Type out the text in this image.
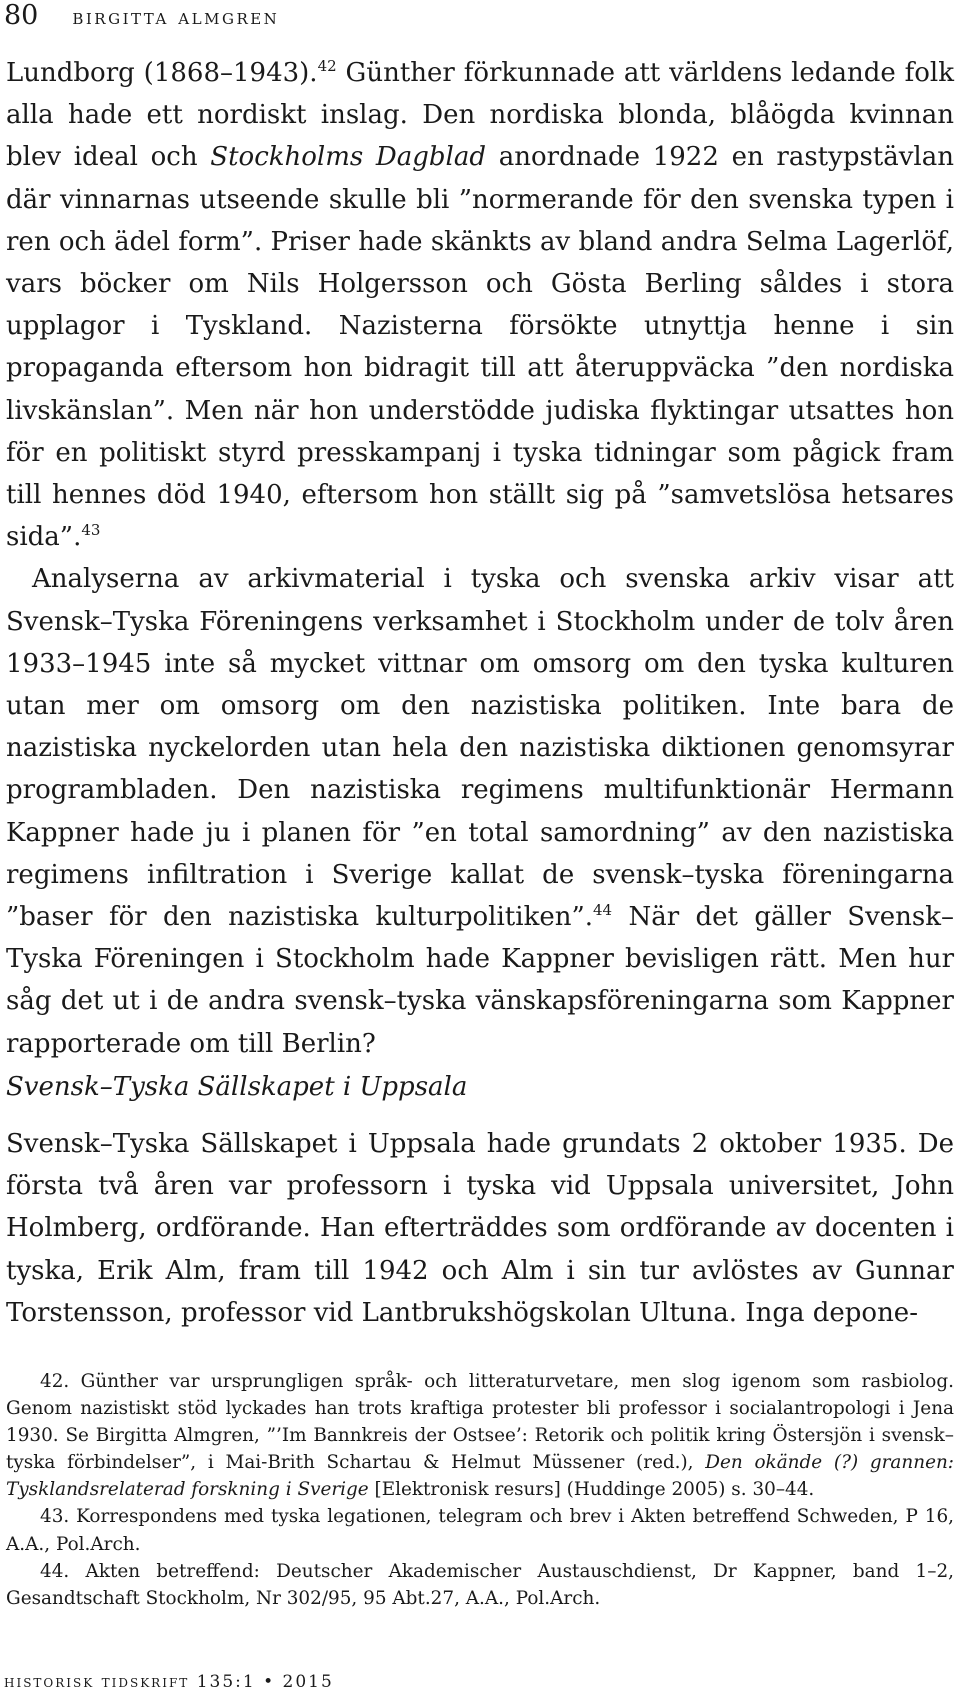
80 birgitta almgren

Lundborg (1868–1943).$^{42}$ Günther förkunnade att världens ledande folk alla hade ett nordiskt inslag. Den nordiska blonda, blåögda kvinnan blev ideal och Stockholms Dagblad anordnade 1922 en rastypstävlan där vinnarnas utseende skulle bli ”normerande för den svenska typen i ren och ädel form”. Priser hade skänkts av bland andra Selma Lagerlöf, vars böcker om Nils Holgersson och Gösta Berling såldes i stora upplagor i Tyskland. Nazisterna försökte utnyttja henne i sin propaganda eftersom hon bidragit till att återuppväcka ”den nordiska livskänslan”. Men när hon understödde judiska flyktingar utsattes hon för en politiskt styrd presskampanj i tyska tidningar som pågick fram till hennes död 1940, eftersom hon ställt sig på ”samvetslösa hetsares sida”.$^{43}$

Analyserna av arkivmaterial i tyska och svenska arkiv visar att Svensk–Tyska Föreningens verksamhet i Stockholm under de tolv åren 1933–1945 inte så mycket vittnar om omsorg om den tyska kulturen utan mer om omsorg om den nazistiska politiken. Inte bara de nazistiska nyckelorden utan hela den nazistiska diktionen genomsyrar programbladen. Den nazistiska regimens multifunktionär Hermann Kappner hade ju i planen för ”en total samordning” av den nazistiska regimens infiltration i Sverige kallat de svensk–tyska föreningarna ”baser för den nazistiska kulturpolitiken”.$^{44}$ När det gäller Svensk–Tyska Föreningen i Stockholm hade Kappner bevisligen rätt. Men hur såg det ut i de andra svensk–tyska vänskapsföreningarna som Kappner rapporterade om till Berlin?

Svensk–Tyska Sällskapet i Uppsala

Svensk–Tyska Sällskapet i Uppsala hade grundats 2 oktober 1935. De första två åren var professorn i tyska vid Uppsala universitet, John Holmberg, ordförande. Han efterträddes som ordförande av docenten i tyska, Erik Alm, fram till 1942 och Alm i sin tur avlöstes av Gunnar Torstensson, professor vid Lantbrukshögskolan Ultuna. Inga depone-

42. Günther var ursprungligen språk- och litteraturvetare, men slog igenom som rasbiolog. Genom nazistiskt stöd lyckades han trots kraftiga protester bli professor i socialantropologi i Jena 1930. Se Birgitta Almgren, ”’Im Bannkreis der Ostsee’: Retorik och politik kring Östersjön i svensk–tyska förbindelser”, i Mai-Brith Schartau & Helmut Müssener (red.), Den okände (?) grannen: Tysklandsrelaterad forskning i Sverige [Elektronisk resurs] (Huddinge 2005) s. 30–44.

43. Korrespondens med tyska legationen, telegram och brev i Akten betreffend Schweden, P 16, A.A., Pol.Arch.

44. Akten betreffend: Deutscher Akademischer Austauschdienst, Dr Kappner, band 1–2, Gesandtschaft Stockholm, Nr 302/95, 95 Abt.27, A.A., Pol.Arch.

historisk tidskrift 135:1 • 2015
